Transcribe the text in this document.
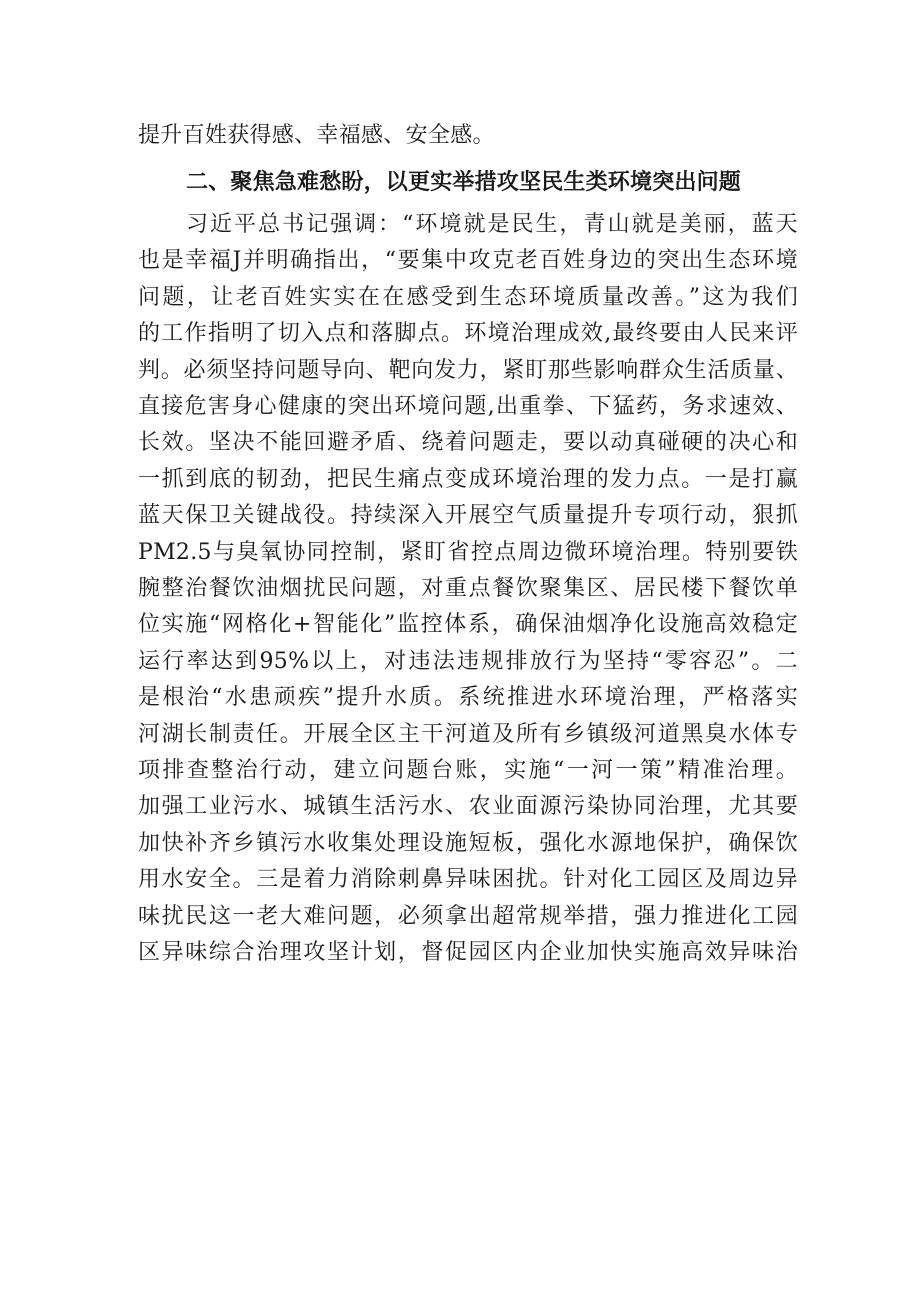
提升百姓获得感、幸福感、安全感。
二、聚焦急难愁盼，以更实举措攻坚民生类环境突出问题
习近平总书记强调：“环境就是民生，青山就是美丽，蓝天
也是幸福J并明确指出，“要集中攻克老百姓身边的突出生态环境
问题，让老百姓实实在在感受到生态环境质量改善。”这为我们
的工作指明了切入点和落脚点。环境治理成效,最终要由人民来评
判。必须坚持问题导向、靶向发力，紧盯那些影响群众生活质量、
直接危害身心健康的突出环境问题,出重拳、下猛药，务求速效、
长效。坚决不能回避矛盾、绕着问题走，要以动真碰硬的决心和
一抓到底的韧劲，把民生痛点变成环境治理的发力点。一是打赢
蓝天保卫关键战役。持续深入开展空气质量提升专项行动，狠抓
PM2.5与臭氧协同控制，紧盯省控点周边微环境治理。特别要铁
腕整治餐饮油烟扰民问题，对重点餐饮聚集区、居民楼下餐饮单
位实施“网格化+智能化”监控体系，确保油烟净化设施高效稳定
运行率达到95%以上，对违法违规排放行为坚持“零容忍”。二
是根治“水患顽疾”提升水质。系统推进水环境治理，严格落实
河湖长制责任。开展全区主干河道及所有乡镇级河道黑臭水体专
项排查整治行动，建立问题台账，实施“一河一策”精准治理。
加强工业污水、城镇生活污水、农业面源污染协同治理，尤其要
加快补齐乡镇污水收集处理设施短板，强化水源地保护，确保饮
用水安全。三是着力消除刺鼻异味困扰。针对化工园区及周边异
味扰民这一老大难问题，必须拿出超常规举措，强力推进化工园
区异味综合治理攻坚计划，督促园区内企业加快实施高效异味治
